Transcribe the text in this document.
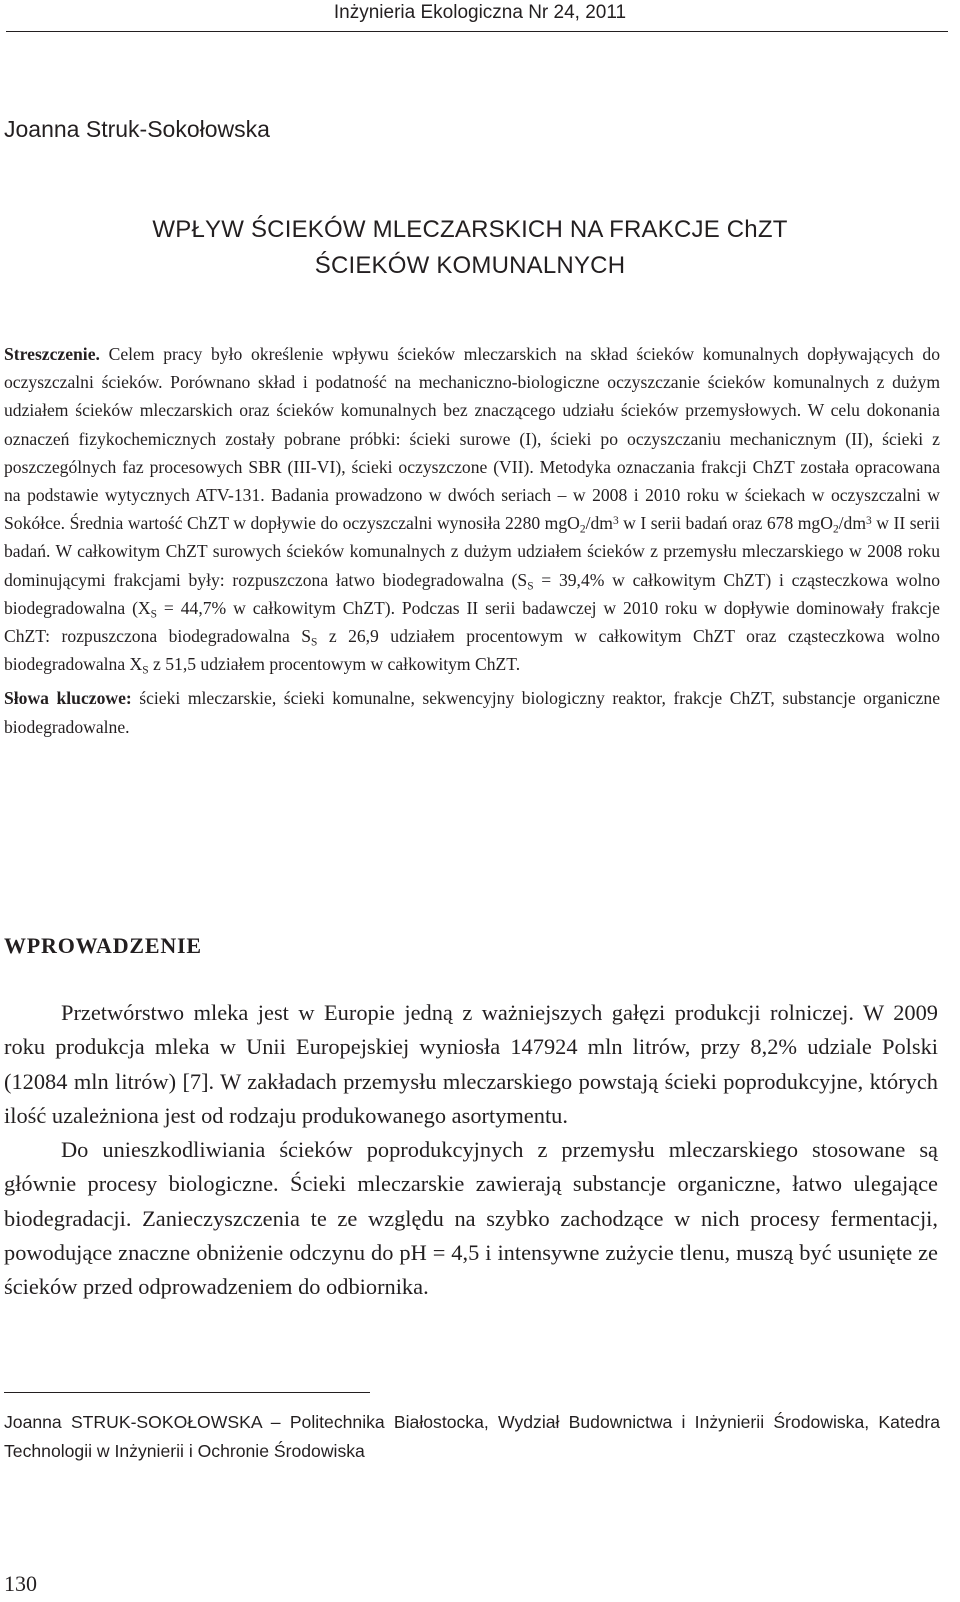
Inżynieria Ekologiczna Nr 24, 2011
Joanna Struk-Sokołowska
WPŁYW ŚCIEKÓW MLECZARSKICH NA FRAKCJE ChZT
ŚCIEKÓW KOMUNALNYCH

Streszczenie. Celem pracy było określenie wpływu ścieków mleczarskich na skład ścieków komunalnych dopływających do oczyszczalni ścieków. Porównano skład i podatność na mechaniczno-biologiczne oczyszczanie ścieków komunalnych z dużym udziałem ścieków mleczarskich oraz ścieków komunalnych bez znaczącego udziału ścieków przemysłowych. W celu dokonania oznaczeń fizykochemicznych zostały pobrane próbki: ścieki surowe (I), ścieki po oczyszczaniu mechanicznym (II), ścieki z poszczególnych faz procesowych SBR (III-VI), ścieki oczyszczone (VII). Metodyka oznaczania frakcji ChZT została opracowana na podstawie wytycznych ATV-131. Badania prowadzono w dwóch seriach – w 2008 i 2010 roku w ściekach w oczyszczalni w Sokółce. Średnia wartość ChZT w dopływie do oczyszczalni wynosiła 2280 $mgO_2/dm^3$ w I serii badań oraz 678 $mgO_2/dm^3$ w II serii badań. W całkowitym ChZT surowych ścieków komunalnych z dużym udziałem ścieków z przemysłu mleczarskiego w 2008 roku dominującymi frakcjami były: rozpuszczona łatwo biodegradowalna ($S_S = 39,4\%$ w całkowitym ChZT) i cząsteczkowa wolno biodegradowalna ($X_S = 44,7\%$ w całkowitym ChZT). Podczas II serii badawczej w 2010 roku w dopływie dominowały frakcje ChZT: rozpuszczona biodegradowalna $S_S$ z 26,9 udziałem procentowym w całkowitym ChZT oraz cząsteczkowa wolno biodegradowalna $X_S$ z 51,5 udziałem procentowym w całkowitym ChZT.

Słowa kluczowe: ścieki mleczarskie, ścieki komunalne, sekwencyjny biologiczny reaktor, frakcje ChZT, substancje organiczne biodegradowalne.

WPROWADZENIE

Przetwórstwo mleka jest w Europie jedną z ważniejszych gałęzi produkcji rolniczej. W 2009 roku produkcja mleka w Unii Europejskiej wyniosła 147924 mln litrów, przy 8,2% udziale Polski (12084 mln litrów) [7]. W zakładach przemysłu mleczarskiego powstają ścieki poprodukcyjne, których ilość uzależniona jest od rodzaju produkowanego asortymentu.

Do unieszkodliwiania ścieków poprodukcyjnych z przemysłu mleczarskiego stosowane są głównie procesy biologiczne. Ścieki mleczarskie zawierają substancje organiczne, łatwo ulegające biodegradacji. Zanieczyszczenia te ze względu na szybko zachodzące w nich procesy fermentacji, powodujące znaczne obniżenie odczynu do pH = 4,5 i intensywne zużycie tlenu, muszą być usunięte ze ścieków przed odprowadzeniem do odbiornika.

Joanna STRUK-SOKOŁOWSKA – Politechnika Białostocka, Wydział Budownictwa i Inżynierii Środowiska, Katedra Technologii w Inżynierii i Ochronie Środowiska
130
